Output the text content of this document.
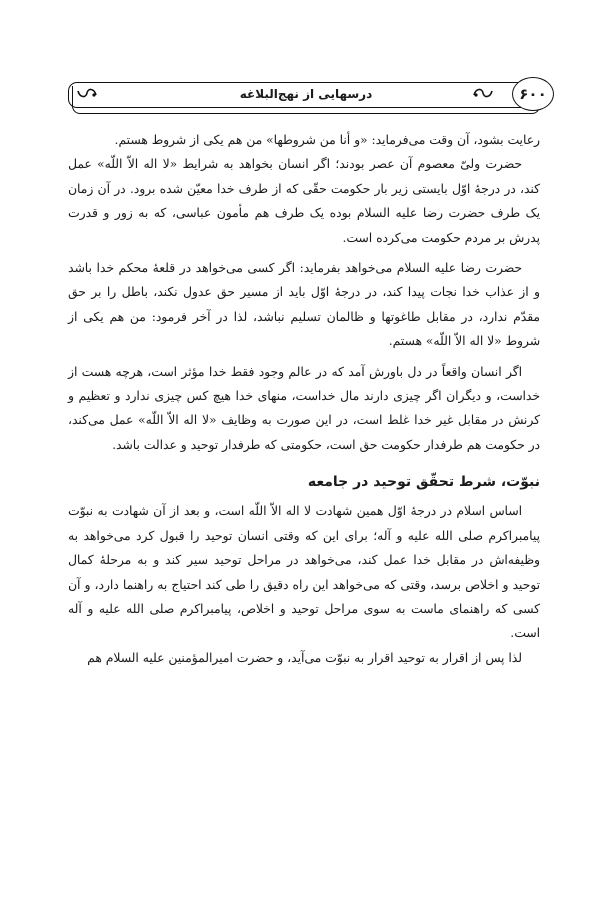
۶۰۰
درسهایی از نهج‌البلاغه

رعایت بشود، آن وقت می‌فرماید: «و أنا من شروطها» من هم یکی از شروط هستم.

حضرت ولیّ معصوم آن عصر بودند؛ اگر انسان بخواهد به شرایط «لا اله الاّ اللّه» عمل کند، در درجهٔ اوّل بایستی زیر بار حکومت حقّی که از طرف خدا معیّن شده برود. در آن زمان یک طرف حضرت رضا علیه السلام بوده یک طرف هم مأمون عباسی، که به زور و قدرت پدرش بر مردم حکومت می‌کرده است.

حضرت رضا علیه السلام می‌خواهد بفرماید: اگر کسی می‌خواهد در قلعهٔ محکم خدا باشد و از عذاب خدا نجات پیدا کند، در درجهٔ اوّل باید از مسیر حق عدول نکند، باطل را بر حق مقدّم ندارد، در مقابل طاغوتها و ظالمان تسلیم نباشد، لذا در آخر فرمود: من هم یکی از شروط «لا اله الاّ اللّه» هستم.

اگر انسان واقعاً در دل باورش آمد که در عالم وجود فقط خدا مؤثر است، هرچه هست از خداست، و دیگران اگر چیزی دارند مال خداست، منهای خدا هیچ کس چیزی ندارد و تعظیم و کرنش در مقابل غیر خدا غلط است، در این صورت به وظایف «لا اله الاّ اللّه» عمل می‌کند، در حکومت هم طرفدار حکومت حق است، حکومتی که طرفدار توحید و عدالت باشد.

نبوّت، شرط تحقّق توحید در جامعه

اساس اسلام در درجهٔ اوّل همین شهادت لا اله الاّ اللّه است، و بعد از آن شهادت به نبوّت پیامبراکرم صلی الله علیه و آله؛ برای این که وقتی انسان توحید را قبول کرد می‌خواهد به وظیفه‌اش در مقابل خدا عمل کند، می‌خواهد در مراحل توحید سیر کند و به مرحلهٔ کمال توحید و اخلاص برسد، وقتی که می‌خواهد این راه دقیق را طی کند احتیاج به راهنما دارد، و آن کسی که راهنمای ماست به سوی مراحل توحید و اخلاص، پیامبراکرم صلی الله علیه و آله است.

لذا پس از اقرار به توحید اقرار به نبوّت می‌آید، و حضرت امیرالمؤمنین علیه السلام هم
